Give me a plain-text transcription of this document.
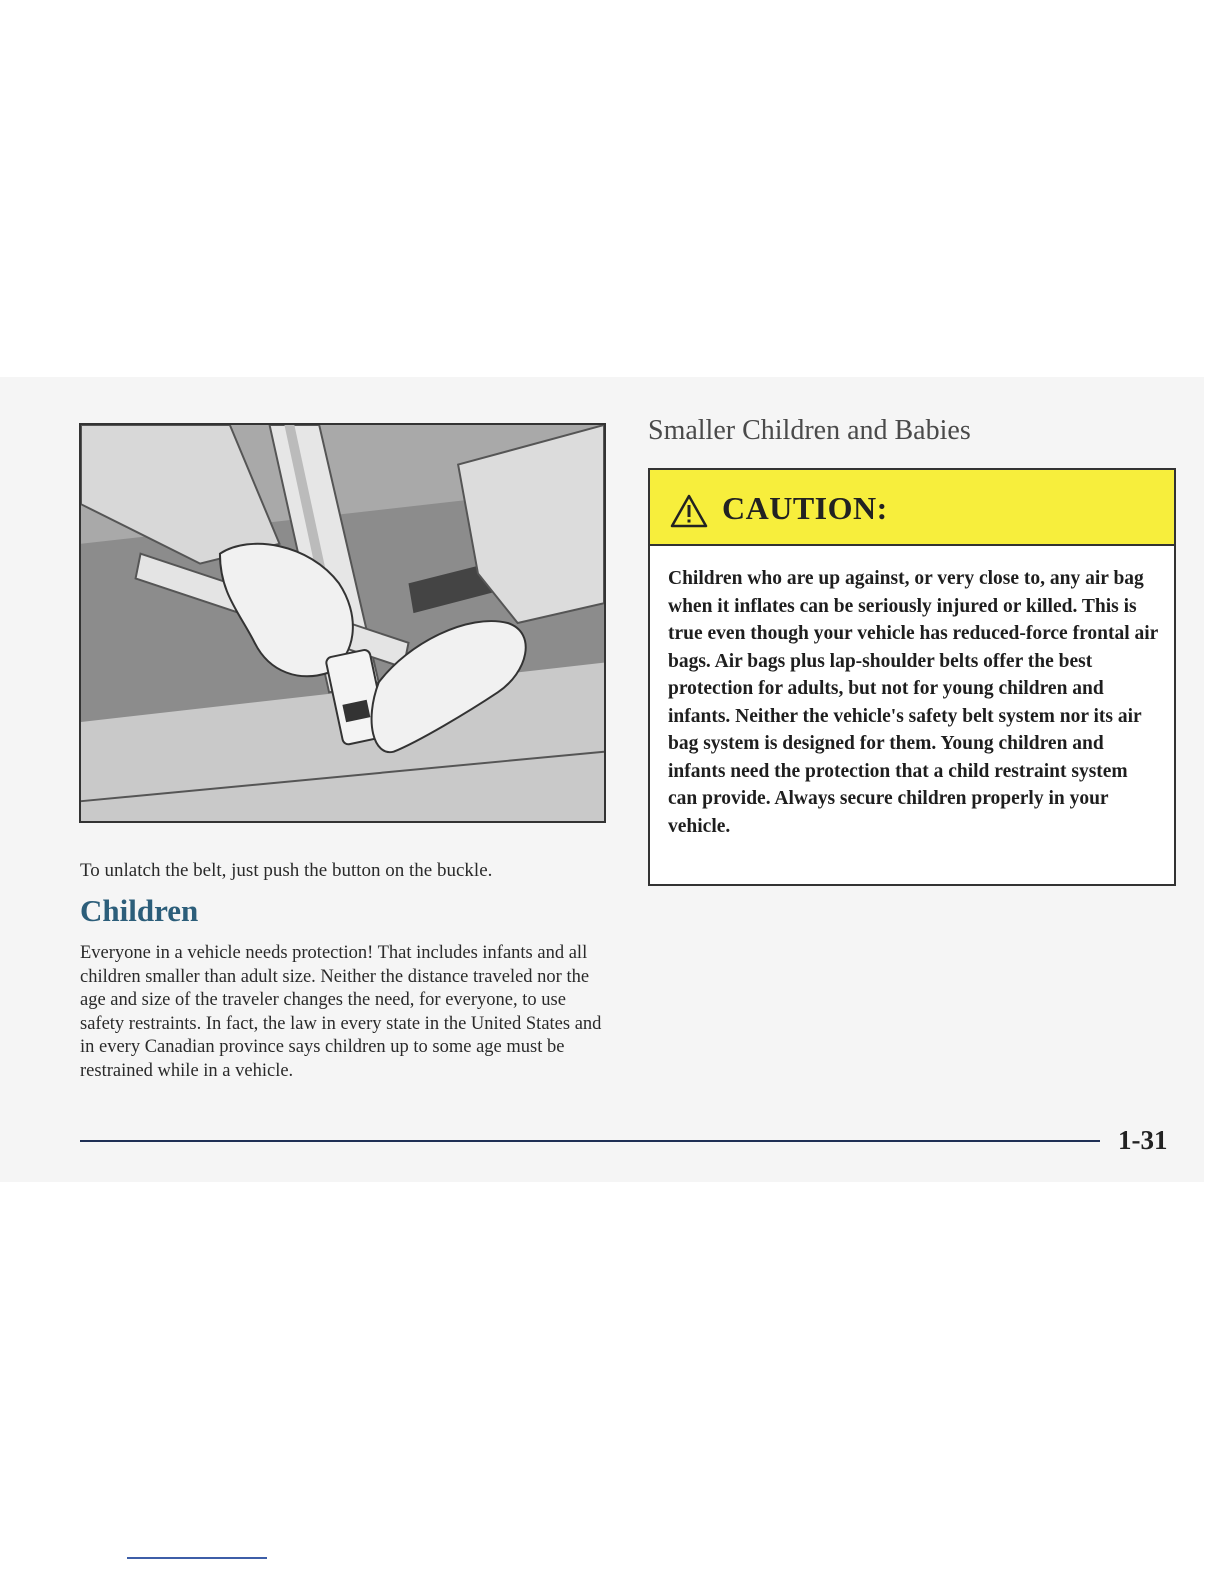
To unlatch the belt, just push the button on the buckle.

Children

Everyone in a vehicle needs protection! That includes infants and all children smaller than adult size. Neither the distance traveled nor the age and size of the traveler changes the need, for everyone, to use safety restraints. In fact, the law in every state in the United States and in every Canadian province says children up to some age must be restrained while in a vehicle.

Smaller Children and Babies
CAUTION:

Children who are up against, or very close to, any air bag when it inflates can be seriously injured or killed. This is true even though your vehicle has reduced-force frontal air bags. Air bags plus lap-shoulder belts offer the best protection for adults, but not for young children and infants. Neither the vehicle's safety belt system nor its air bag system is designed for them. Young children and infants need the protection that a child restraint system can provide. Always secure children properly in your vehicle.

1-31
